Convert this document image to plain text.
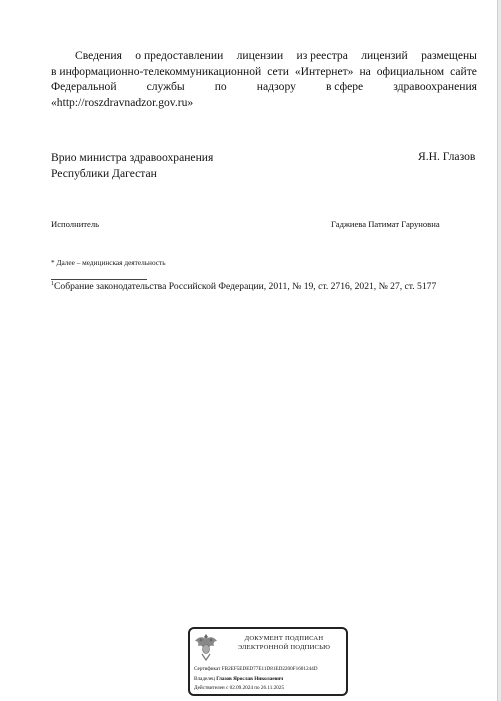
Сведения о предоставлении лицензии из реестра лицензий размещены
в информационно-телекоммуникационной сети «Интернет» на официальном сайте
Федеральной	службы	по	надзору	в сфере	здравоохранения
«http://roszdravnadzor.gov.ru»
Врио министра здравоохранения
Республики Дагестан
Я.Н. Глазов
Исполнитель	Гаджиева Патимат Гаруновна
* Далее – медицинская деятельность
$^1$Собрание законодательства Российской Федерации, 2011, № 19, ст. 2716, 2021, № 27, ст. 5177
ДОКУМЕНТ ПОДПИСАН
ЭЛЕКТРОННОЙ ПОДПИСЬЮ
Сертификат FB2EF5EDED77E11D81ED2200F1601244D
Владелец Глазов Ярослав Николаевич
Действителен с 02.09.2024 по 26.11.2025
